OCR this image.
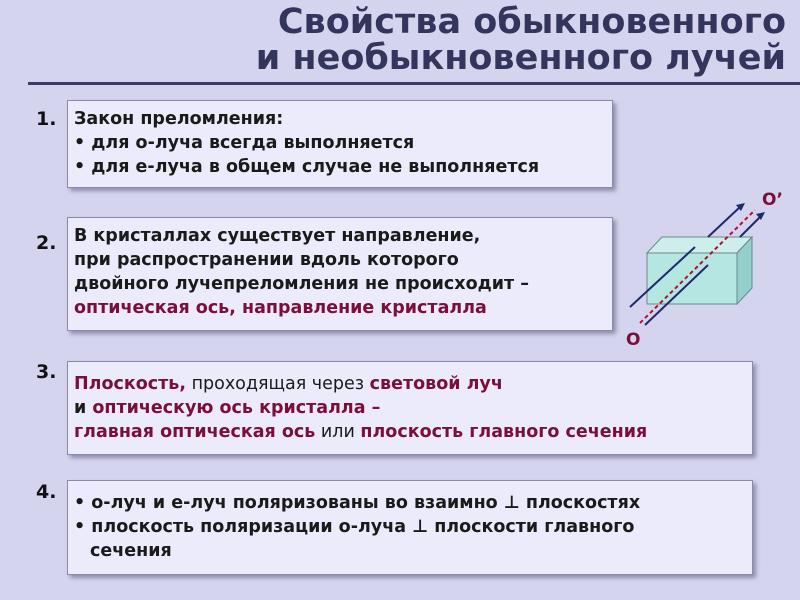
Свойства обыкновенного
и необыкновенного лучей
1. Закон преломления:
• для о-луча всегда выполняется
• для е-луча в общем случае не выполняется
2. В кристаллах существует направление,
при распространении вдоль которого
двойного лучепреломления не происходит –
оптическая ось, направление кристалла
3.
Плоскость, проходящая через световой луч
и оптическую ось кристалла –
главная оптическая ось или плоскость главного сечения
4. • о-луч и е-луч поляризованы во взаимно ⊥ плоскостях
• плоскость поляризации о-луча ⊥ плоскости главного
сечения
O
O’
